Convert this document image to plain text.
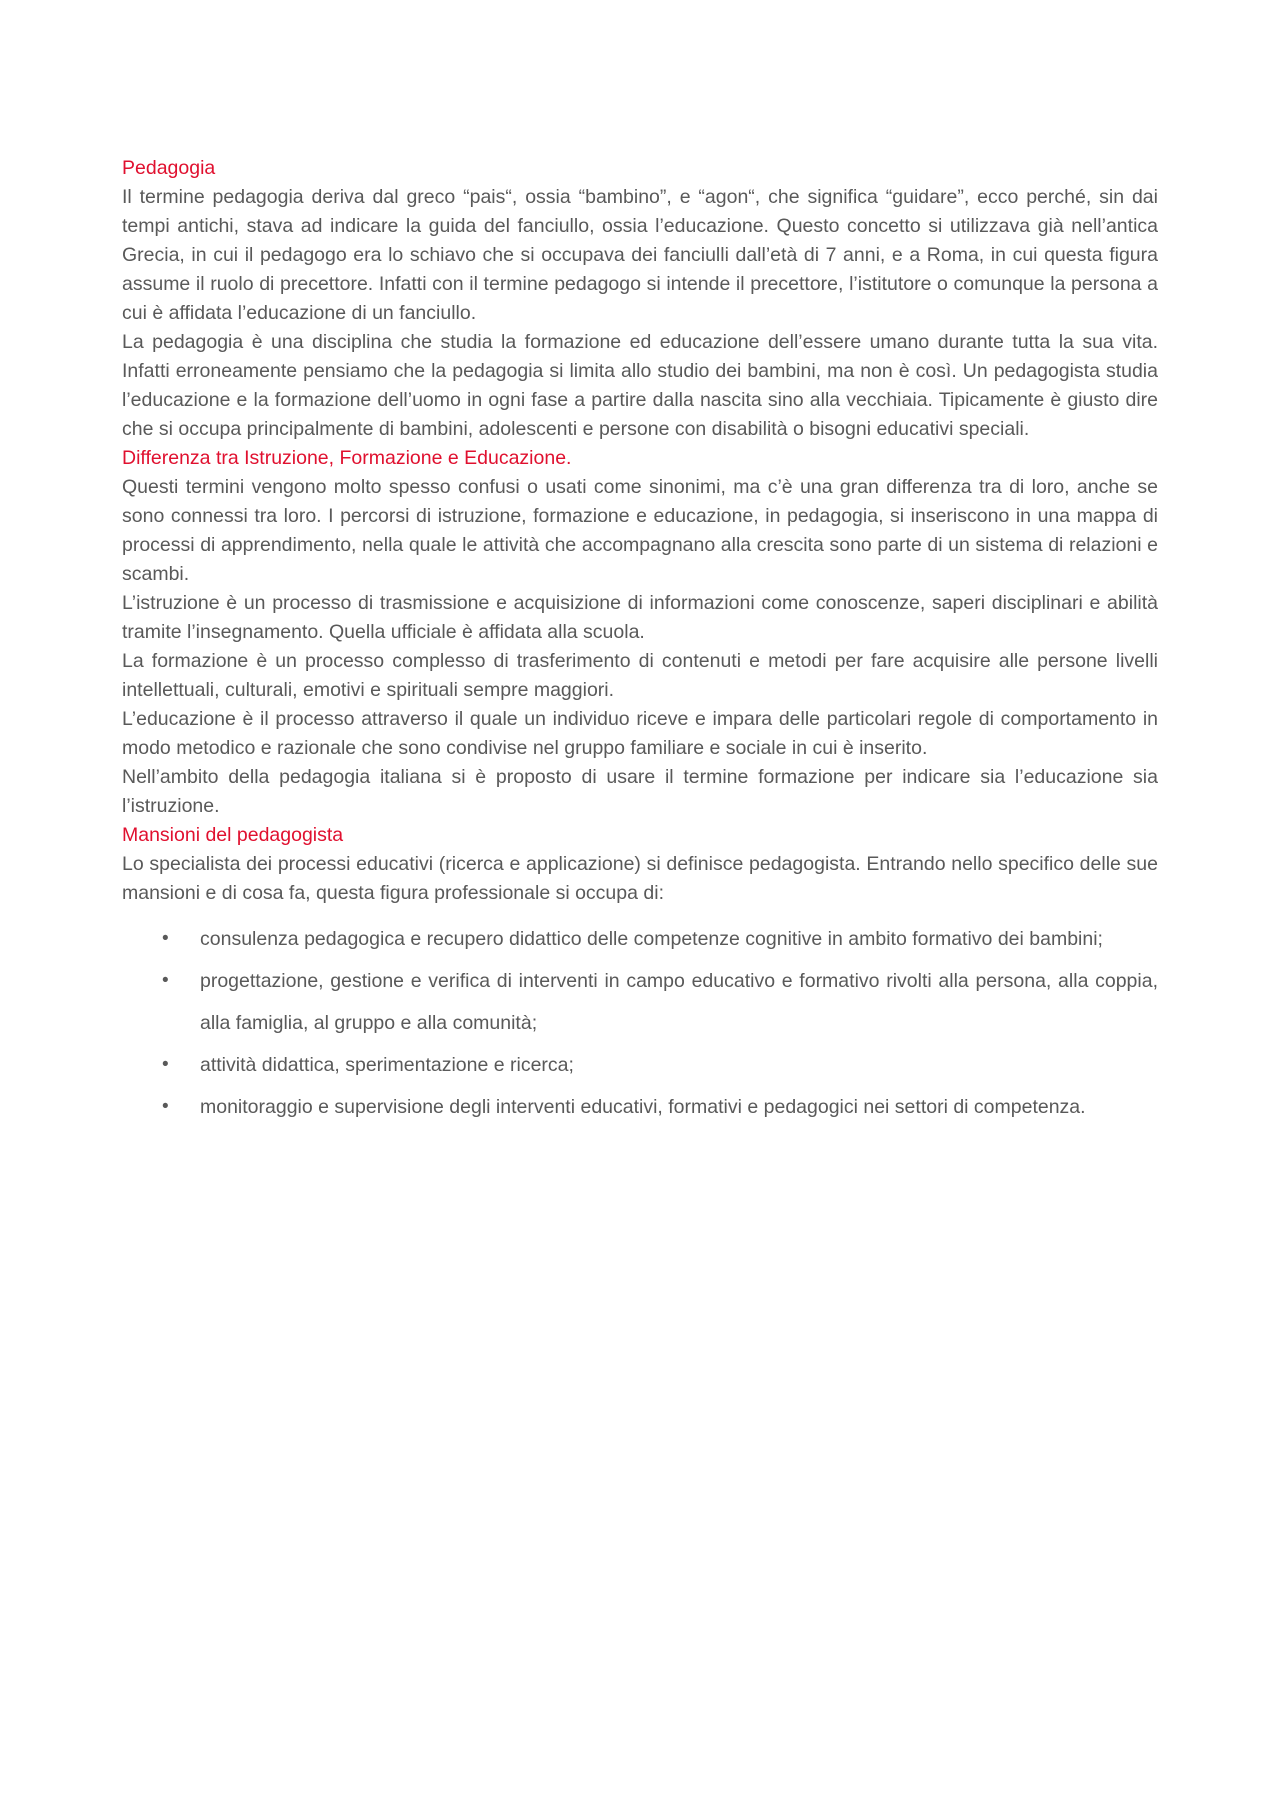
Pedagogia

Il termine pedagogia deriva dal greco “pais“, ossia “bambino”, e “agon“, che significa “guidare”, ecco perché, sin dai tempi antichi, stava ad indicare la guida del fanciullo, ossia l’educazione. Questo concetto si utilizzava già nell’antica Grecia, in cui il pedagogo era lo schiavo che si occupava dei fanciulli dall’età di 7 anni, e a Roma, in cui questa figura assume il ruolo di precettore. Infatti con il termine pedagogo si intende il precettore, l’istitutore o comunque la persona a cui è affidata l’educazione di un fanciullo.

La pedagogia è una disciplina che studia la formazione ed educazione dell’essere umano durante tutta la sua vita. Infatti erroneamente pensiamo che la pedagogia si limita allo studio dei bambini, ma non è così. Un pedagogista studia l’educazione e la formazione dell’uomo in ogni fase a partire dalla nascita sino alla vecchiaia. Tipicamente è giusto dire che si occupa principalmente di bambini, adolescenti e persone con disabilità o bisogni educativi speciali.

Differenza tra Istruzione, Formazione e Educazione.

Questi termini vengono molto spesso confusi o usati come sinonimi, ma c’è una gran differenza tra di loro, anche se sono connessi tra loro. I percorsi di istruzione, formazione e educazione, in pedagogia, si inseriscono in una mappa di processi di apprendimento, nella quale le attività che accompagnano alla crescita sono parte di un sistema di relazioni e scambi.

L’istruzione è un processo di trasmissione e acquisizione di informazioni come conoscenze, saperi disciplinari e abilità tramite l’insegnamento. Quella ufficiale è affidata alla scuola.

La formazione è un processo complesso di trasferimento di contenuti e metodi per fare acquisire alle persone livelli intellettuali, culturali, emotivi e spirituali sempre maggiori.

L’educazione è il processo attraverso il quale un individuo riceve e impara delle particolari regole di comportamento in modo metodico e razionale che sono condivise nel gruppo familiare e sociale in cui è inserito.

Nell’ambito della pedagogia italiana si è proposto di usare il termine formazione per indicare sia l’educazione sia l’istruzione.

Mansioni del pedagogista

Lo specialista dei processi educativi (ricerca e applicazione) si definisce pedagogista. Entrando nello specifico delle sue mansioni e di cosa fa, questa figura professionale si occupa di:

• consulenza pedagogica e recupero didattico delle competenze cognitive in ambito formativo dei bambini;
• progettazione, gestione e verifica di interventi in campo educativo e formativo rivolti alla persona, alla coppia, alla famiglia, al gruppo e alla comunità;
• attività didattica, sperimentazione e ricerca;
• monitoraggio e supervisione degli interventi educativi, formativi e pedagogici nei settori di competenza.
